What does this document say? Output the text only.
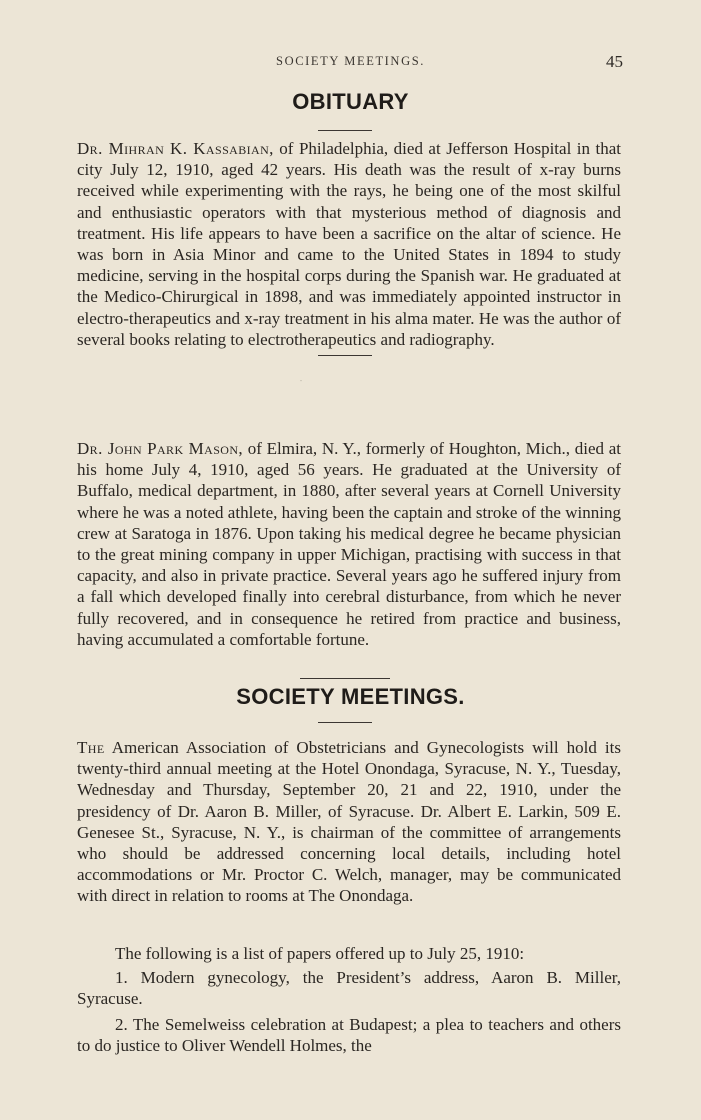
SOCIETY MEETINGS.	45
OBITUARY

Dr. Mihran K. Kassabian, of Philadelphia, died at Jefferson Hospital in that city July 12, 1910, aged 42 years. His death was the result of x-ray burns received while experimenting with the rays, he being one of the most skilful and enthusiastic operators with that mysterious method of diagnosis and treatment. His life appears to have been a sacrifice on the altar of science. He was born in Asia Minor and came to the United States in 1894 to study medicine, serving in the hospital corps during the Spanish war. He graduated at the Medico-Chirurgical in 1898, and was immediately appointed instructor in electro-therapeutics and x-ray treatment in his alma mater. He was the author of several books relating to electrotherapeutics and radiography.

Dr. John Park Mason, of Elmira, N. Y., formerly of Houghton, Mich., died at his home July 4, 1910, aged 56 years. He graduated at the University of Buffalo, medical department, in 1880, after several years at Cornell University where he was a noted athlete, having been the captain and stroke of the winning crew at Saratoga in 1876. Upon taking his medical degree he became physician to the great mining company in upper Michigan, practising with success in that capacity, and also in private practice. Several years ago he suffered injury from a fall which developed finally into cerebral disturbance, from which he never fully recovered, and in consequence he retired from practice and business, having accumulated a comfortable fortune.

SOCIETY MEETINGS.

The American Association of Obstetricians and Gynecologists will hold its twenty-third annual meeting at the Hotel Onondaga, Syracuse, N. Y., Tuesday, Wednesday and Thursday, September 20, 21 and 22, 1910, under the presidency of Dr. Aaron B. Miller, of Syracuse. Dr. Albert E. Larkin, 509 E. Genesee St., Syracuse, N. Y., is chairman of the committee of arrangements who should be addressed concerning local details, including hotel accommodations or Mr. Proctor C. Welch, manager, may be communicated with direct in relation to rooms at The Onondaga.

The following is a list of papers offered up to July 25, 1910:

1. Modern gynecology, the President’s address, Aaron B. Miller, Syracuse.

2. The Semelweiss celebration at Budapest; a plea to teachers and others to do justice to Oliver Wendell Holmes, the
